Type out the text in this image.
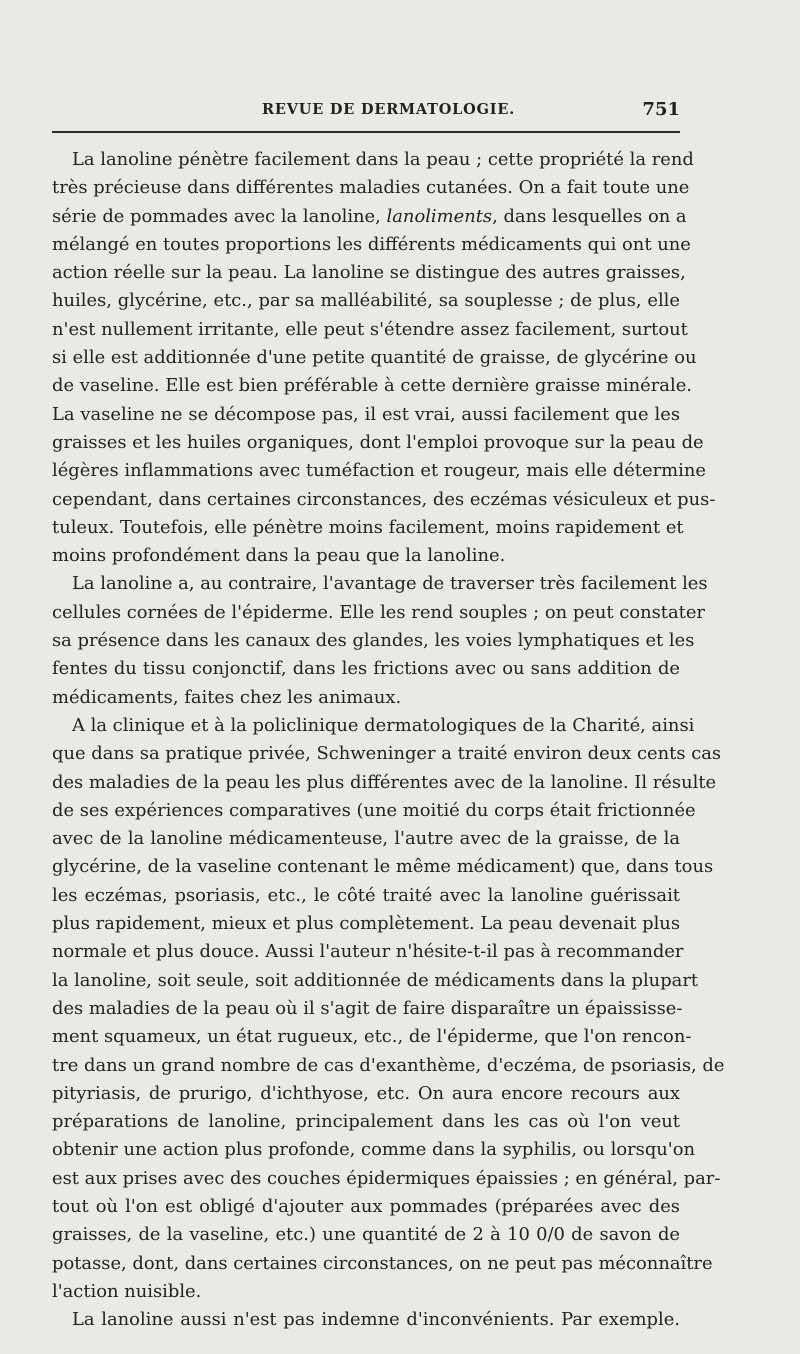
REVUE DE DERMATOLOGIE.	751
La lanoline pénètre facilement dans la peau ; cette propriété la rend
très précieuse dans différentes maladies cutanées. On a fait toute une
série de pommades avec la lanoline, lanoliments, dans lesquelles on a
mélangé en toutes proportions les différents médicaments qui ont une
action réelle sur la peau. La lanoline se distingue des autres graisses,
huiles, glycérine, etc., par sa malléabilité, sa souplesse ; de plus, elle
n'est nullement irritante, elle peut s'étendre assez facilement, surtout
si elle est additionnée d'une petite quantité de graisse, de glycérine ou
de vaseline. Elle est bien préférable à cette dernière graisse minérale.
La vaseline ne se décompose pas, il est vrai, aussi facilement que les
graisses et les huiles organiques, dont l'emploi provoque sur la peau de
légères inflammations avec tuméfaction et rougeur, mais elle détermine
cependant, dans certaines circonstances, des eczémas vésiculeux et pus-
tuleux. Toutefois, elle pénètre moins facilement, moins rapidement et
moins profondément dans la peau que la lanoline.
La lanoline a, au contraire, l'avantage de traverser très facilement les
cellules cornées de l'épiderme. Elle les rend souples ; on peut constater
sa présence dans les canaux des glandes, les voies lymphatiques et les
fentes du tissu conjonctif, dans les frictions avec ou sans addition de
médicaments, faites chez les animaux.
A la clinique et à la policlinique dermatologiques de la Charité, ainsi
que dans sa pratique privée, Schweninger a traité environ deux cents cas
des maladies de la peau les plus différentes avec de la lanoline. Il résulte
de ses expériences comparatives (une moitié du corps était frictionnée
avec de la lanoline médicamenteuse, l'autre avec de la graisse, de la
glycérine, de la vaseline contenant le même médicament) que, dans tous
les eczémas, psoriasis, etc., le côté traité avec la lanoline guérissait
plus rapidement, mieux et plus complètement. La peau devenait plus
normale et plus douce. Aussi l'auteur n'hésite-t-il pas à recommander
la lanoline, soit seule, soit additionnée de médicaments dans la plupart
des maladies de la peau où il s'agit de faire disparaître un épaississe-
ment squameux, un état rugueux, etc., de l'épiderme, que l'on rencon-
tre dans un grand nombre de cas d'exanthème, d'eczéma, de psoriasis, de
pityriasis, de prurigo, d'ichthyose, etc. On aura encore recours aux
préparations de lanoline, principalement dans les cas où l'on veut
obtenir une action plus profonde, comme dans la syphilis, ou lorsqu'on
est aux prises avec des couches épidermiques épaissies ; en général, par-
tout où l'on est obligé d'ajouter aux pommades (préparées avec des
graisses, de la vaseline, etc.) une quantité de 2 à 10 0/0 de savon de
potasse, dont, dans certaines circonstances, on ne peut pas méconnaître
l'action nuisible.
La lanoline aussi n'est pas indemne d'inconvénients. Par exemple.
